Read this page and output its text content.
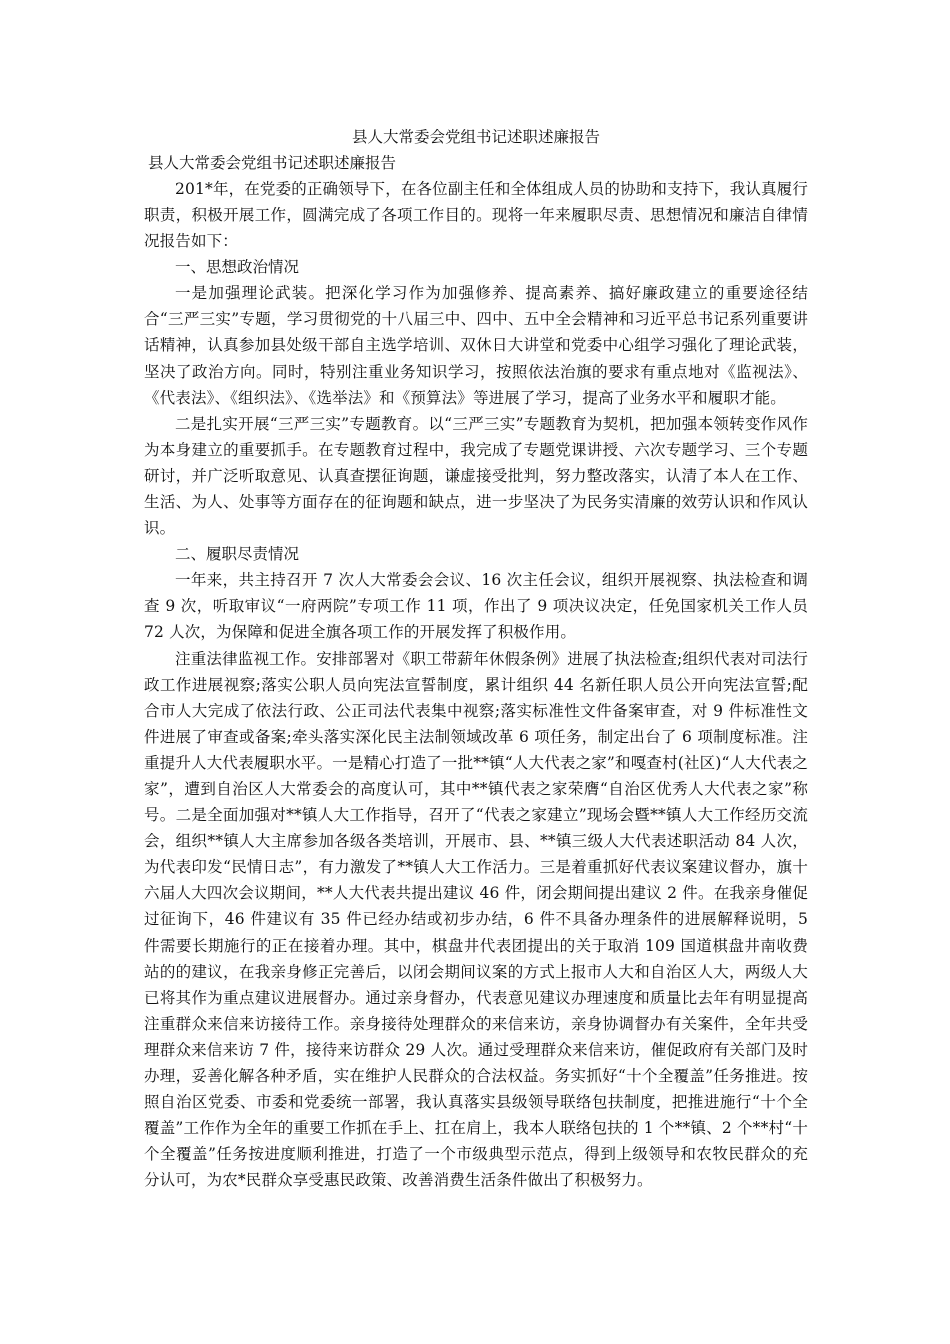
县人大常委会党组书记述职述廉报告
县人大常委会党组书记述职述廉报告

201*年，在党委的正确领导下，在各位副主任和全体组成人员的协助和支持下，我认真履行职责，积极开展工作，圆满完成了各项工作目的。现将一年来履职尽责、思想情况和廉洁自律情况报告如下：

一、思想政治情况

一是加强理论武装。把深化学习作为加强修养、提高素养、搞好廉政建立的重要途径结合“三严三实”专题，学习贯彻党的十八届三中、四中、五中全会精神和习近平总书记系列重要讲话精神，认真参加县处级干部自主选学培训、双休日大讲堂和党委中心组学习强化了理论武装，坚决了政治方向。同时，特别注重业务知识学习，按照依法治旗的要求有重点地对《监视法》、《代表法》、《组织法》、《选举法》和《预算法》等进展了学习，提高了业务水平和履职才能。

二是扎实开展“三严三实”专题教育。以“三严三实”专题教育为契机，把加强本领转变作风作为本身建立的重要抓手。在专题教育过程中，我完成了专题党课讲授、六次专题学习、三个专题研讨，并广泛听取意见、认真查摆征询题，谦虚接受批判，努力整改落实，认清了本人在工作、生活、为人、处事等方面存在的征询题和缺点，进一步坚决了为民务实清廉的效劳认识和作风认识。

二、履职尽责情况

一年来，共主持召开 7 次人大常委会会议、16 次主任会议，组织开展视察、执法检查和调查 9 次，听取审议“一府两院”专项工作 11 项，作出了 9 项决议决定，任免国家机关工作人员 72 人次，为保障和促进全旗各项工作的开展发挥了积极作用。

注重法律监视工作。安排部署对《职工带薪年休假条例》进展了执法检查;组织代表对司法行政工作进展视察;落实公职人员向宪法宣誓制度，累计组织 44 名新任职人员公开向宪法宣誓;配合市人大完成了依法行政、公正司法代表集中视察;落实标准性文件备案审查，对 9 件标准性文件进展了审查或备案;牵头落实深化民主法制领域改革 6 项任务，制定出台了 6 项制度标准。注重提升人大代表履职水平。一是精心打造了一批**镇“人大代表之家”和嘎查村(社区)“人大代表之家”，遭到自治区人大常委会的高度认可，其中**镇代表之家荣膺“自治区优秀人大代表之家”称号。二是全面加强对**镇人大工作指导，召开了“代表之家建立”现场会暨**镇人大工作经历交流会，组织**镇人大主席参加各级各类培训，开展市、县、**镇三级人大代表述职活动 84 人次，为代表印发“民情日志”，有力激发了**镇人大工作活力。三是着重抓好代表议案建议督办，旗十六届人大四次会议期间，**人大代表共提出建议 46 件，闭会期间提出建议 2 件。在我亲身催促过征询下，46 件建议有 35 件已经办结或初步办结，6 件不具备办理条件的进展解释说明，5 件需要长期施行的正在接着办理。其中，棋盘井代表团提出的关于取消 109 国道棋盘井南收费站的的建议，在我亲身修正完善后，以闭会期间议案的方式上报市人大和自治区人大，两级人大已将其作为重点建议进展督办。通过亲身督办，代表意见建议办理速度和质量比去年有明显提高注重群众来信来访接待工作。亲身接待处理群众的来信来访，亲身协调督办有关案件，全年共受理群众来信来访 7 件，接待来访群众 29 人次。通过受理群众来信来访，催促政府有关部门及时办理，妥善化解各种矛盾，实在维护人民群众的合法权益。务实抓好“十个全覆盖”任务推进。按照自治区党委、市委和党委统一部署，我认真落实县级领导联络包扶制度，把推进施行“十个全覆盖”工作作为全年的重要工作抓在手上、扛在肩上，我本人联络包扶的 1 个**镇、2 个**村“十个全覆盖”任务按进度顺利推进，打造了一个市级典型示范点，得到上级领导和农牧民群众的充分认可，为农*民群众享受惠民政策、改善消费生活条件做出了积极努力。
